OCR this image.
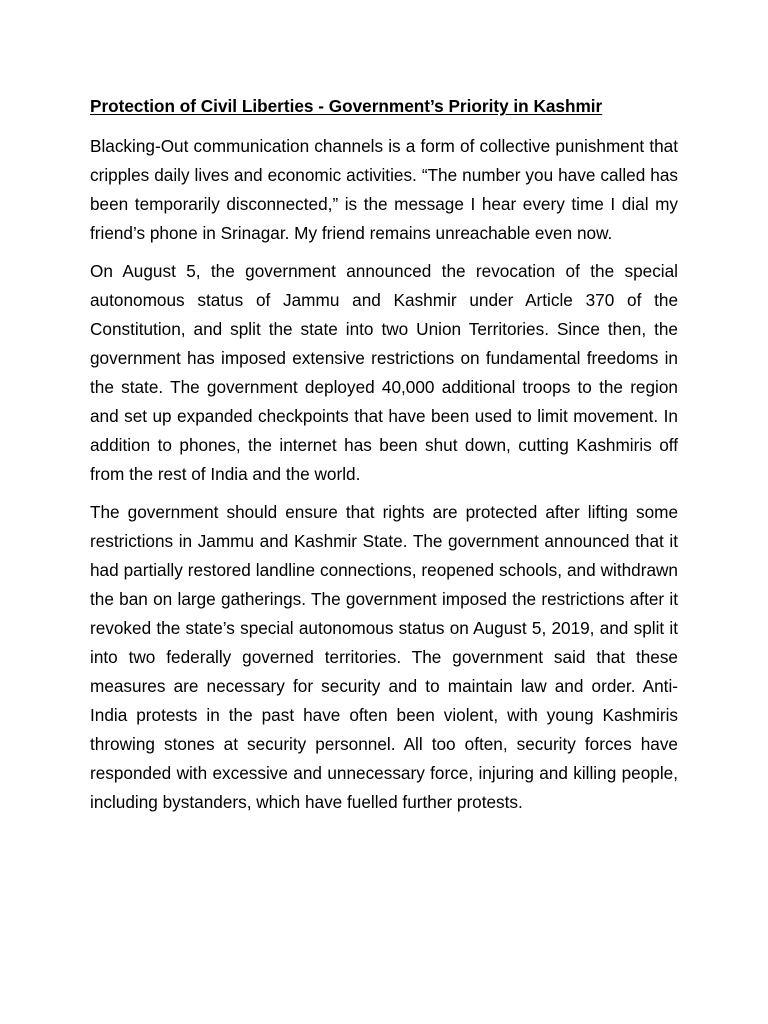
Protection of Civil Liberties - Government’s Priority in Kashmir

Blacking-Out communication channels is a form of collective punishment that cripples daily lives and economic activities. “The number you have called has been temporarily disconnected,” is the message I hear every time I dial my friend’s phone in Srinagar. My friend remains unreachable even now.

On August 5, the government announced the revocation of the special autonomous status of Jammu and Kashmir under Article 370 of the Constitution, and split the state into two Union Territories. Since then, the government has imposed extensive restrictions on fundamental freedoms in the state. The government deployed 40,000 additional troops to the region and set up expanded checkpoints that have been used to limit movement. In addition to phones, the internet has been shut down, cutting Kashmiris off from the rest of India and the world.

The government should ensure that rights are protected after lifting some restrictions in Jammu and Kashmir State. The government announced that it had partially restored landline connections, reopened schools, and withdrawn the ban on large gatherings. The government imposed the restrictions after it revoked the state’s special autonomous status on August 5, 2019, and split it into two federally governed territories. The government said that these measures are necessary for security and to maintain law and order. Anti-India protests in the past have often been violent, with young Kashmiris throwing stones at security personnel. All too often, security forces have responded with excessive and unnecessary force, injuring and killing people, including bystanders, which have fuelled further protests.
